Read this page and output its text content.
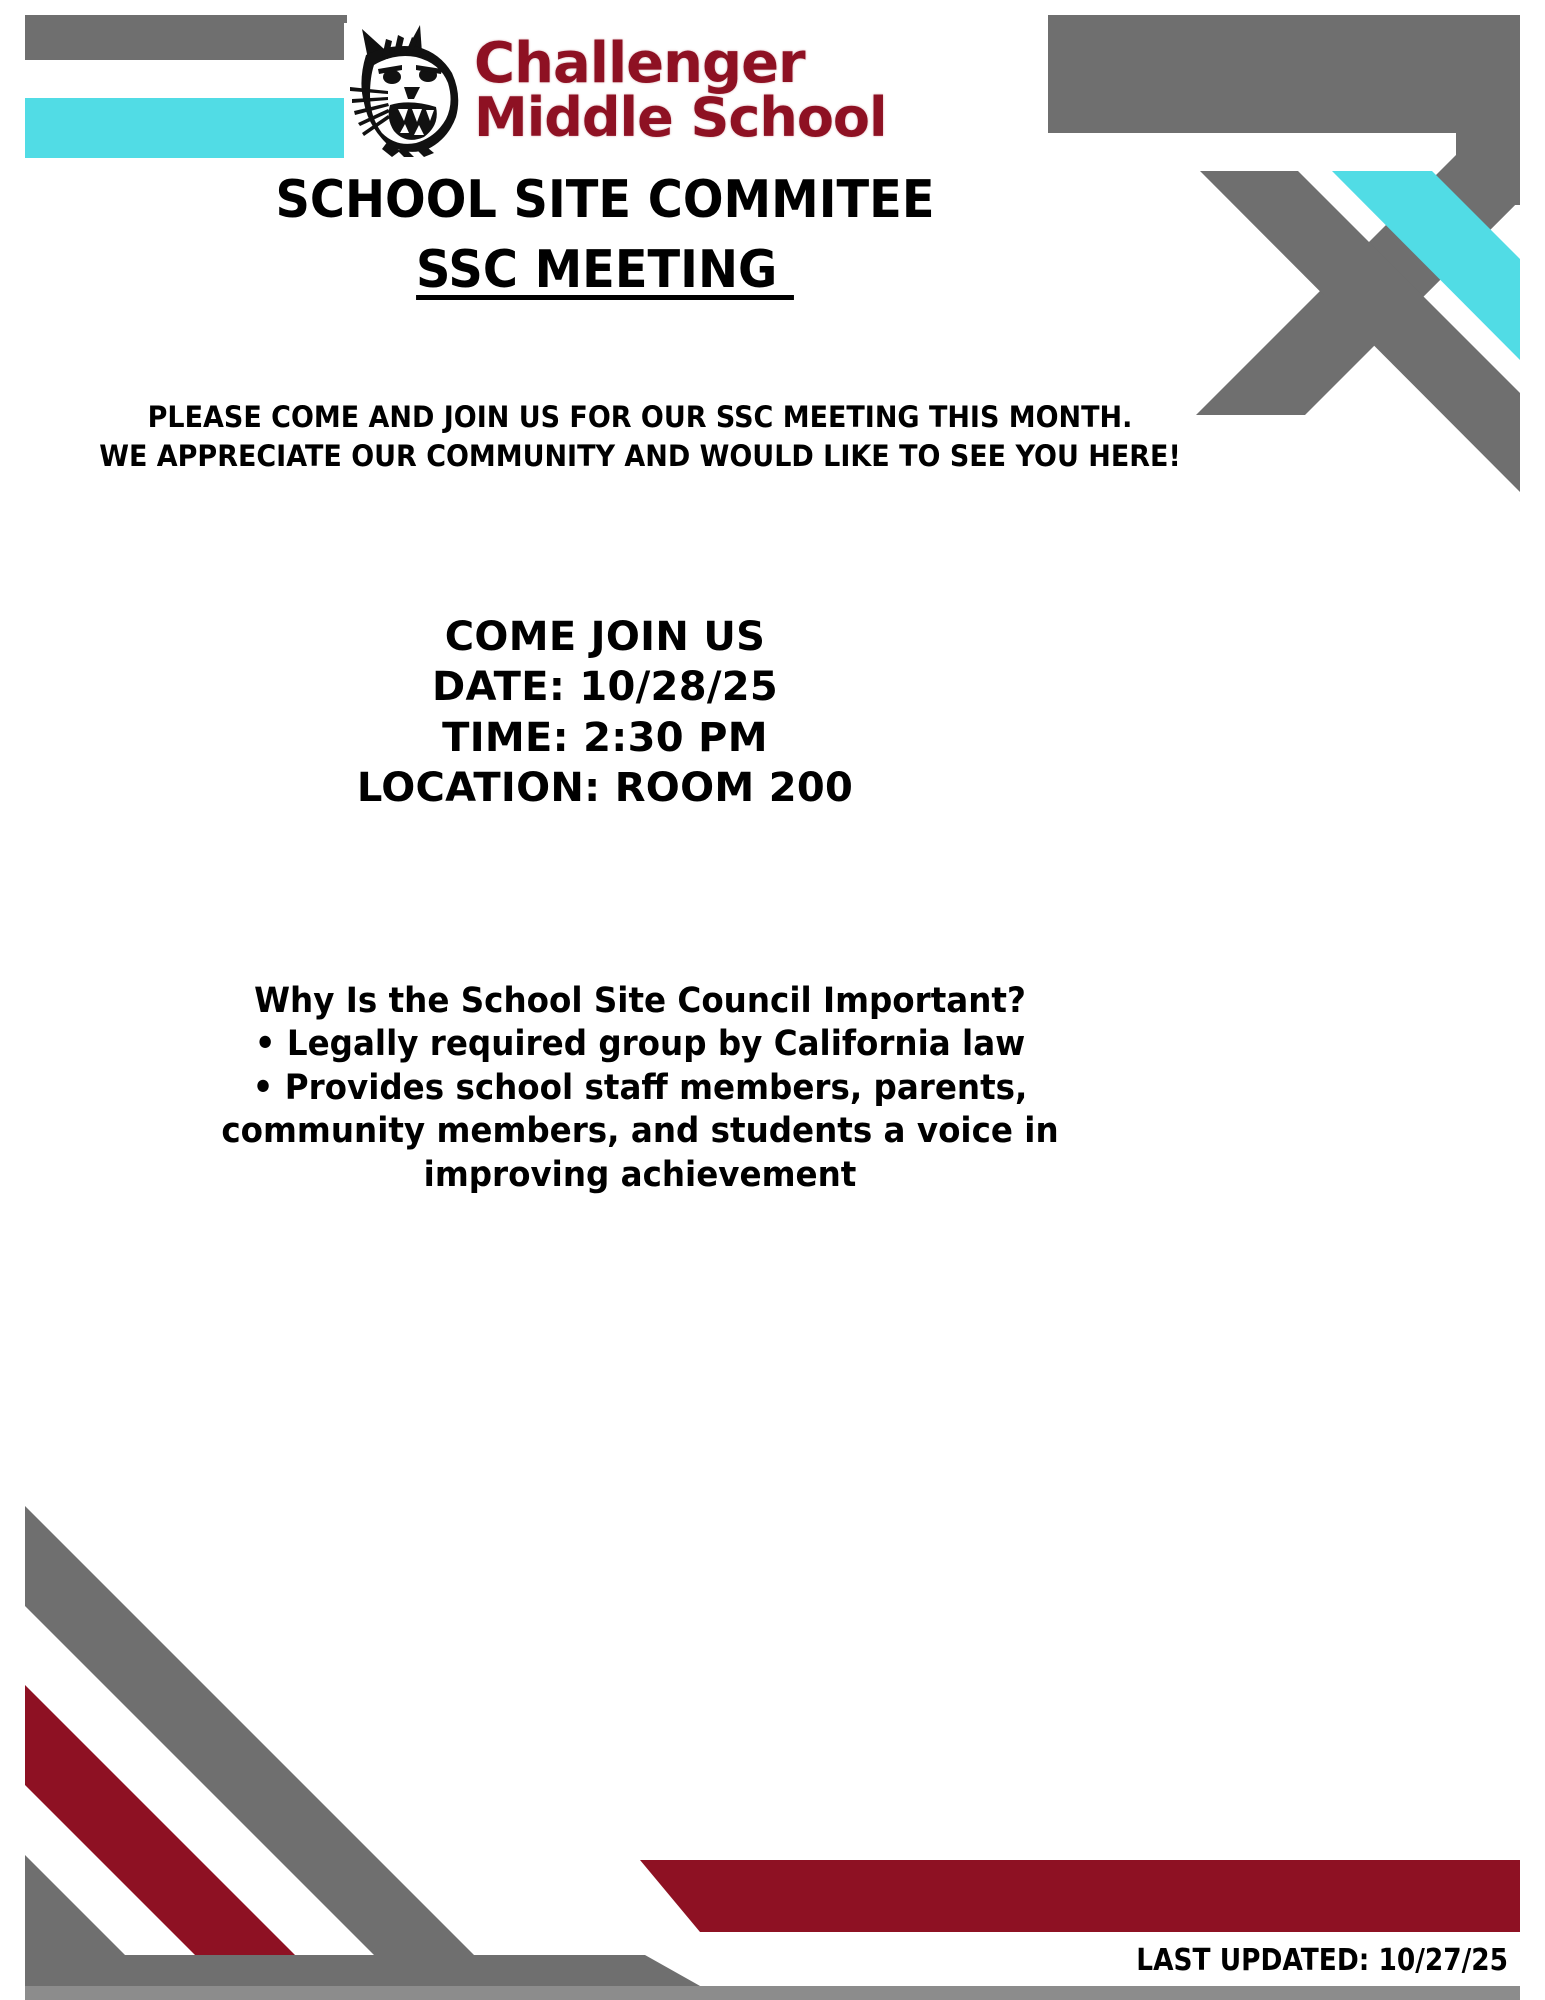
Challenger
Middle School
SCHOOL SITE COMMITEE
SSC MEETING
PLEASE COME AND JOIN US FOR OUR SSC MEETING THIS MONTH.
WE APPRECIATE OUR COMMUNITY AND WOULD LIKE TO SEE YOU HERE!
COME JOIN US
DATE: 10/28/25
TIME: 2:30 PM
LOCATION: ROOM 200
Why Is the School Site Council Important?
• Legally required group by California law
• Provides school staff members, parents,
community members, and students a voice in
improving achievement
LAST UPDATED: 10/27/25
